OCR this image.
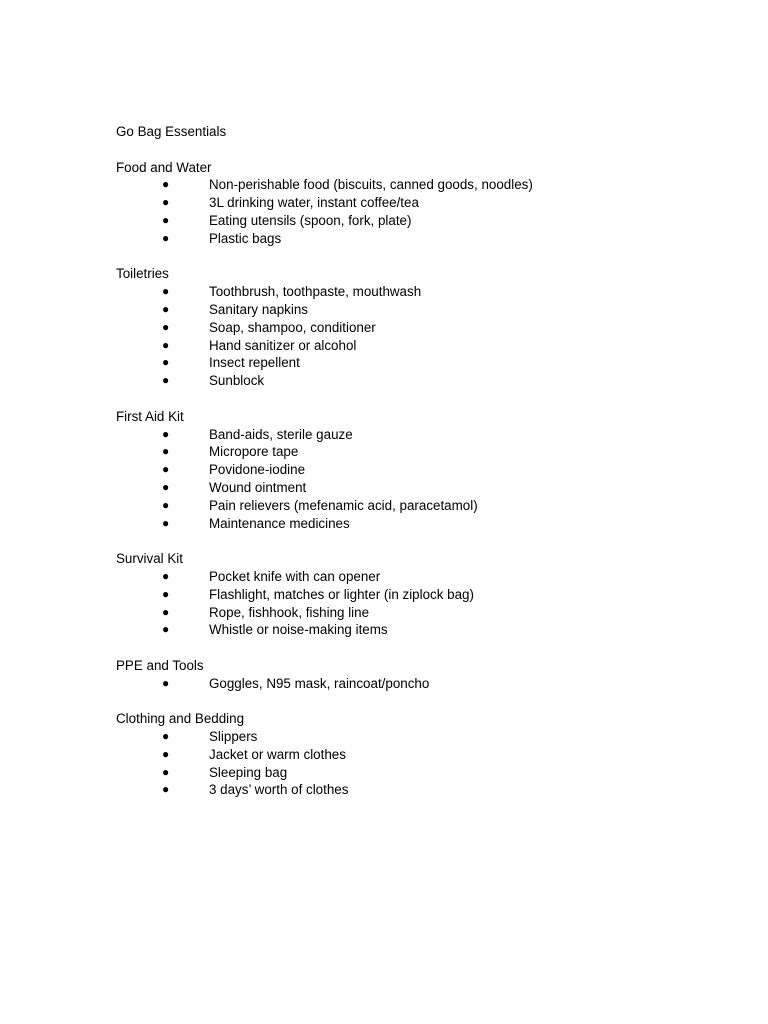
Go Bag Essentials
Food and Water
●	Non-perishable food (biscuits, canned goods, noodles)
●	3L drinking water, instant coffee/tea
●	Eating utensils (spoon, fork, plate)
●	Plastic bags
Toiletries
●	Toothbrush, toothpaste, mouthwash
●	Sanitary napkins
●	Soap, shampoo, conditioner
●	Hand sanitizer or alcohol
●	Insect repellent
●	Sunblock
First Aid Kit
●	Band-aids, sterile gauze
●	Micropore tape
●	Povidone-iodine
●	Wound ointment
●	Pain relievers (mefenamic acid, paracetamol)
●	Maintenance medicines
Survival Kit
●	Pocket knife with can opener
●	Flashlight, matches or lighter (in ziplock bag)
●	Rope, fishhook, fishing line
●	Whistle or noise-making items
PPE and Tools
●	Goggles, N95 mask, raincoat/poncho
Clothing and Bedding
●	Slippers
●	Jacket or warm clothes
●	Sleeping bag
●	3 days’ worth of clothes
